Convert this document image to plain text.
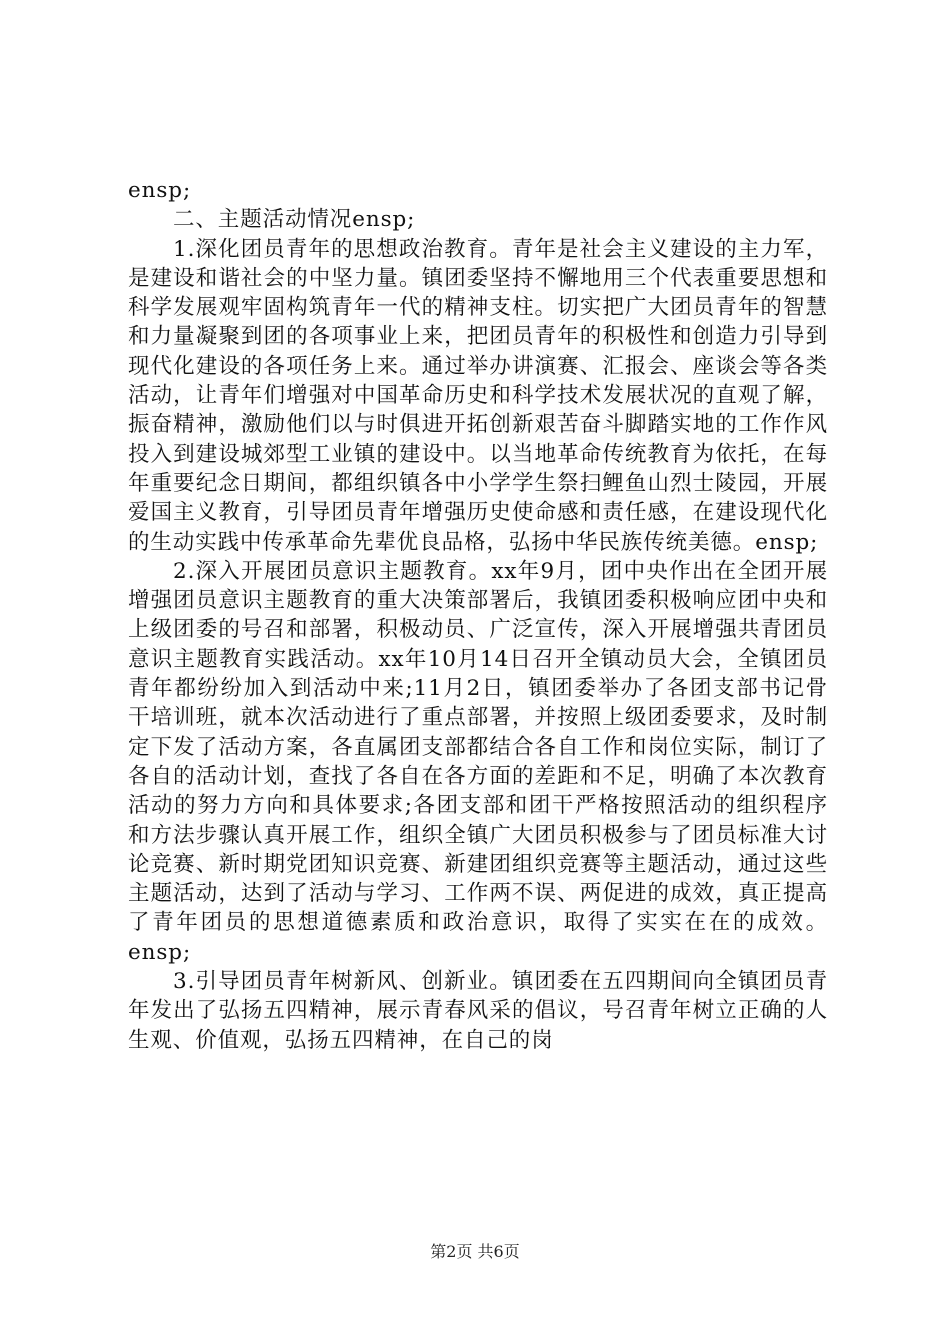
ensp;

二、主题活动情况ensp;

1.深化团员青年的思想政治教育。青年是社会主义建设的主力军，是建设和谐社会的中坚力量。镇团委坚持不懈地用三个代表重要思想和科学发展观牢固构筑青年一代的精神支柱。切实把广大团员青年的智慧和力量凝聚到团的各项事业上来，把团员青年的积极性和创造力引导到现代化建设的各项任务上来。通过举办讲演赛、汇报会、座谈会等各类活动，让青年们增强对中国革命历史和科学技术发展状况的直观了解，振奋精神，激励他们以与时俱进开拓创新艰苦奋斗脚踏实地的工作作风投入到建设城郊型工业镇的建设中。以当地革命传统教育为依托，在每年重要纪念日期间，都组织镇各中小学学生祭扫鲤鱼山烈士陵园，开展爱国主义教育，引导团员青年增强历史使命感和责任感，在建设现代化的生动实践中传承革命先辈优良品格，弘扬中华民族传统美德。ensp;

2.深入开展团员意识主题教育。xx年9月，团中央作出在全团开展增强团员意识主题教育的重大决策部署后，我镇团委积极响应团中央和上级团委的号召和部署，积极动员、广泛宣传，深入开展增强共青团员意识主题教育实践活动。xx年10月14日召开全镇动员大会，全镇团员青年都纷纷加入到活动中来;11月2日，镇团委举办了各团支部书记骨干培训班，就本次活动进行了重点部署，并按照上级团委要求，及时制定下发了活动方案，各直属团支部都结合各自工作和岗位实际，制订了各自的活动计划，查找了各自在各方面的差距和不足，明确了本次教育活动的努力方向和具体要求;各团支部和团干严格按照活动的组织程序和方法步骤认真开展工作，组织全镇广大团员积极参与了团员标准大讨论竞赛、新时期党团知识竞赛、新建团组织竞赛等主题活动，通过这些主题活动，达到了活动与学习、工作两不误、两促进的成效，真正提高了青年团员的思想道德素质和政治意识，取得了实实在在的成效。ensp;

3.引导团员青年树新风、创新业。镇团委在五四期间向全镇团员青年发出了弘扬五四精神，展示青春风采的倡议，号召青年树立正确的人生观、价值观，弘扬五四精神，在自己的岗

第2页 共6页
